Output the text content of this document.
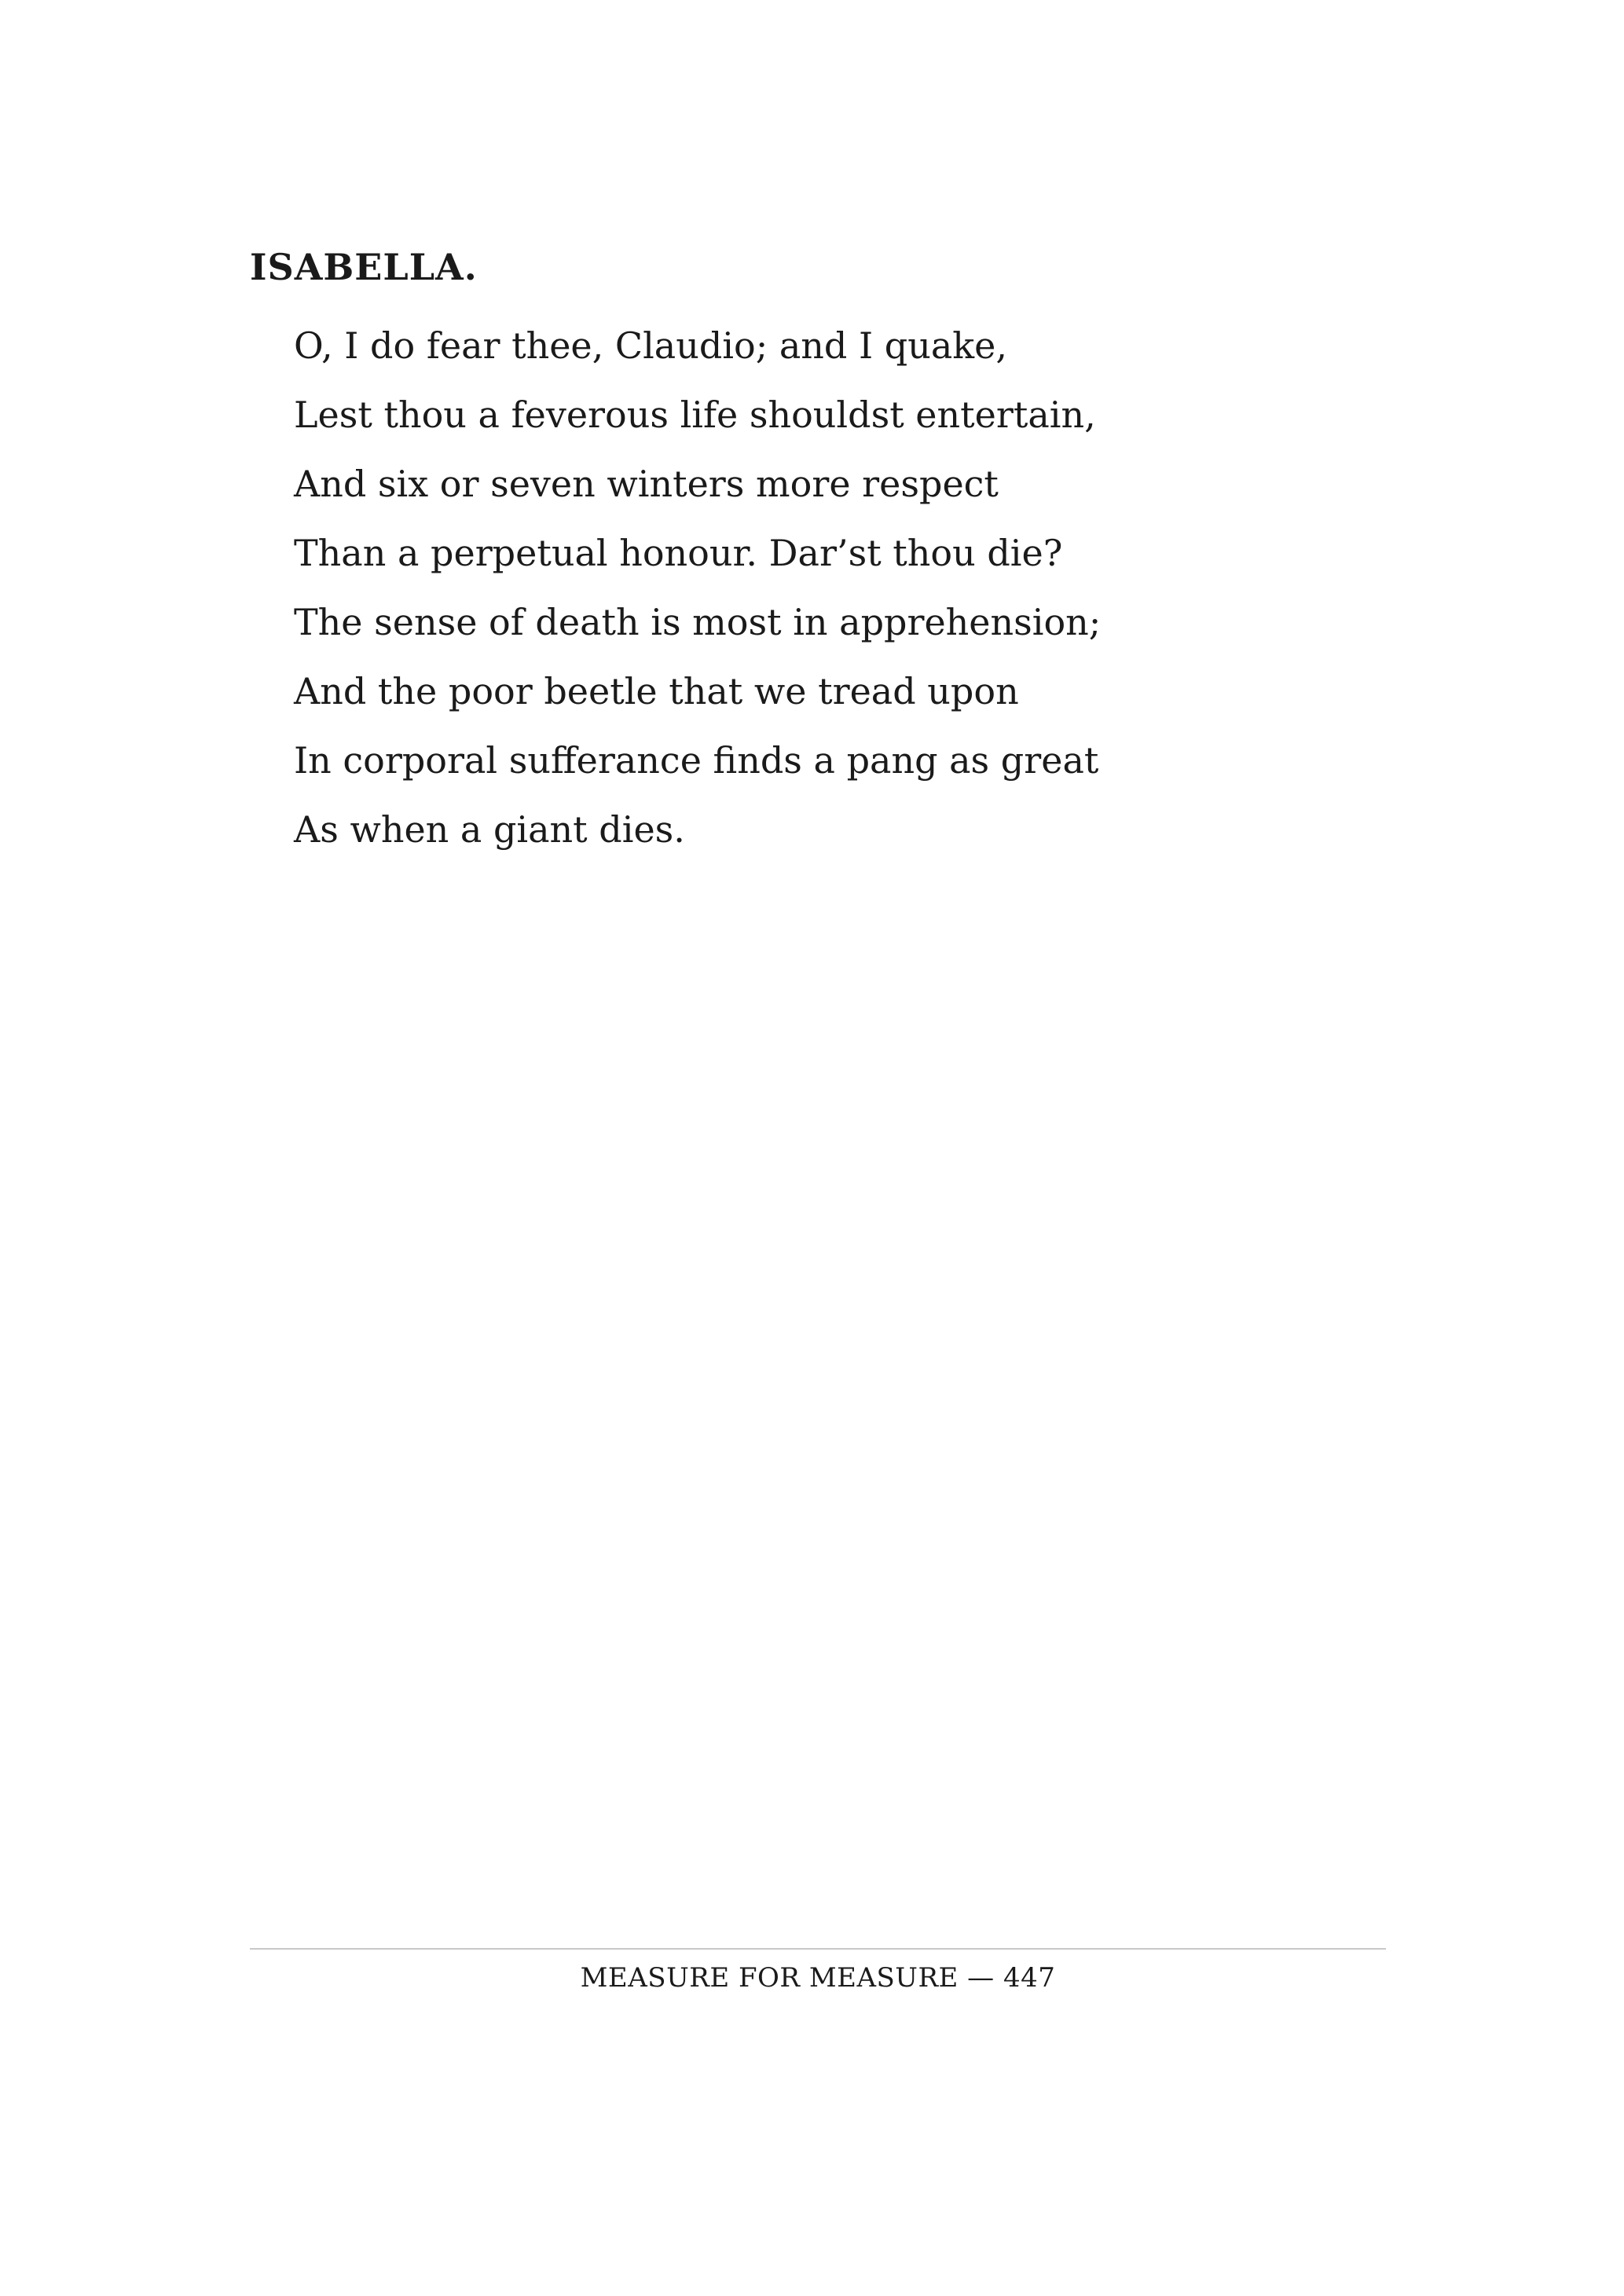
ISABELLA.
O, I do fear thee, Claudio; and I quake,
Lest thou a feverous life shouldst entertain,
And six or seven winters more respect
Than a perpetual honour. Dar’st thou die?
The sense of death is most in apprehension;
And the poor beetle that we tread upon
In corporal sufferance finds a pang as great
As when a giant dies.
MEASURE FOR MEASURE — 447
